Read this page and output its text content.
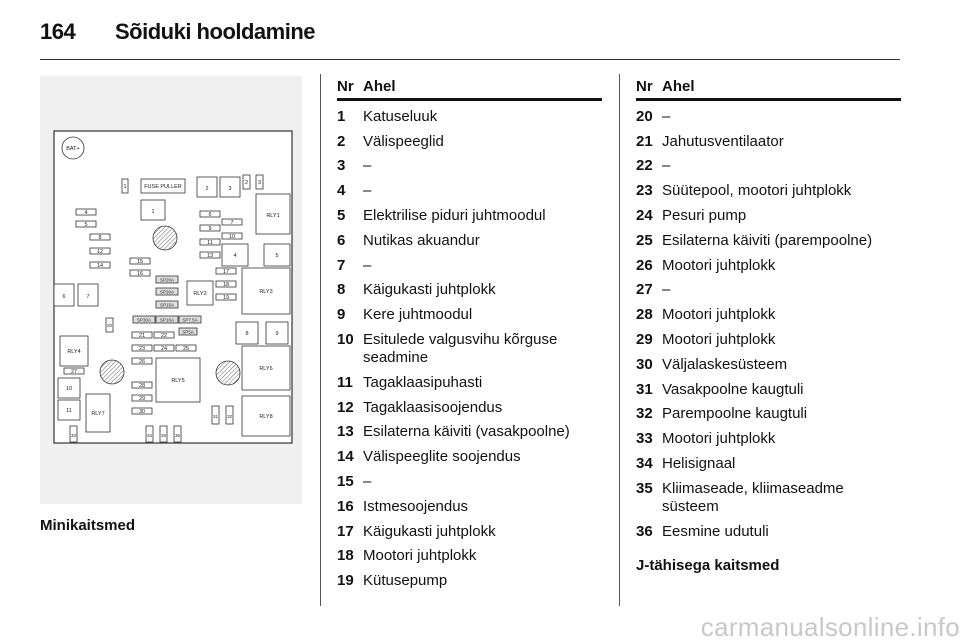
164 Sõiduki hooldamine
BAT+
1	FUSE PULLER
1
2	3
2 3
RLY1
4
5
8
12
14
6
7
9
10
11
13	4	5
15
16	17
18
19
SP20A
SP20A
SP15A
RLY2	RLY3
6	7
20
SP30A SP10A SP7.5A
SP5A
21	22
23	24	25
26
8	9
RLY4
27
RLY5
RLY6
28
29
30
10
11	RLY7	31 32	RLY8
33	34 35 36
Minikaitsmed
Nr Ahel
1	Katuseluuk
2	Välispeeglid
3	–
4	–
5	Elektrilise piduri juhtmoodul
6	Nutikas akuandur
7	–
8	Käigukasti juhtplokk
9	Kere juhtmoodul
10 Esitulede valgusvihu kõrguse seadmine
11 Tagaklaasipuhasti
12 Tagaklaasisoojendus
13 Esilaterna käiviti (vasakpoolne)
14 Välispeeglite soojendus
15 –
16 Istmesoojendus
17 Käigukasti juhtplokk
18 Mootori juhtplokk
19 Kütusepump
Nr Ahel
20 –
21 Jahutusventilaator
22 –
23 Süütepool, mootori juhtplokk
24 Pesuri pump
25 Esilaterna käiviti (parempoolne)
26 Mootori juhtplokk
27 –
28 Mootori juhtplokk
29 Mootori juhtplokk
30 Väljalaskesüsteem
31 Vasakpoolne kaugtuli
32 Parempoolne kaugtuli
33 Mootori juhtplokk
34 Helisignaal
35 Kliimaseade, kliimaseadme süsteem
36 Eesmine udutuli
J-tähisega kaitsmed
carmanualsonline.info
